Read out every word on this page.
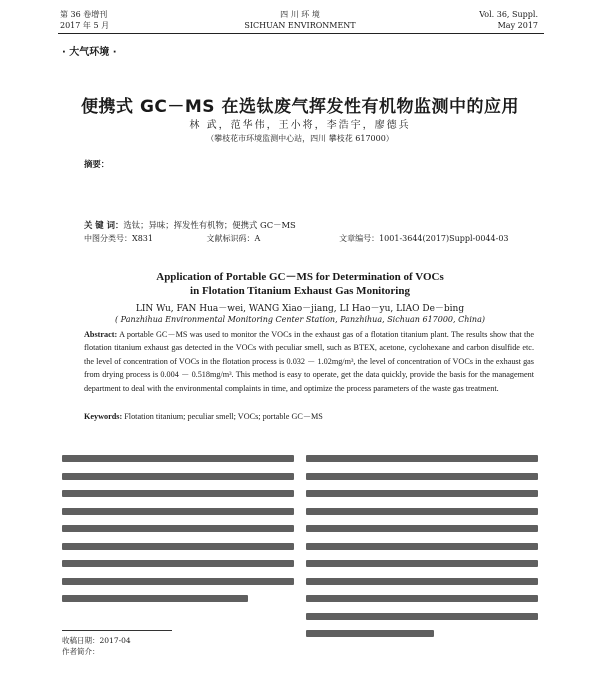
第 36 卷增刊
2017 年 5 月
四 川 环 境
SICHUAN ENVIRONMENT
Vol. 36, Suppl.
May 2017
· 大气环境 ·
便携式 GC－MS 在选钛废气挥发性有机物监测中的应用
林 武，范华伟，王小将，李浩宇，廖德兵
（攀枝花市环境监测中心站，四川 攀枝花 617000）
摘要：
关 键 词：选钛；异味；挥发性有机物；便携式 GC－MS
中图分类号：X831	文献标识码：A	文章编号：1001-3644(2017)Suppl-0044-03
Application of Portable GC－MS for Determination of VOCs
in Flotation Titanium Exhaust Gas Monitoring
LIN Wu, FAN Hua－wei, WANG Xiao－jiang, LI Hao－yu, LIAO De－bing
( Panzhihua Environmental Monitoring Center Station, Panzhihua, Sichuan 617000, China)
Abstract: A portable GC－MS was used to monitor the VOCs in the exhaust gas of a flotation titanium plant. The results show that the flotation titanium exhaust gas detected in the VOCs with peculiar smell, such as BTEX, acetone, cyclohexane and carbon disulfide etc. the level of concentration of VOCs in the flotation process is 0.032 － 1.02mg/m³, the level of concentration of VOCs in the exhaust gas from drying process is 0.004 － 0.518mg/m³. This method is easy to operate, get the data quickly, provide the basis for the management department to deal with the environmental complaints in time, and optimize the process parameters of the waste gas treatment.
Keywords: Flotation titanium; peculiar smell; VOCs; portable GC－MS
收稿日期：2017-04
作者简介：
